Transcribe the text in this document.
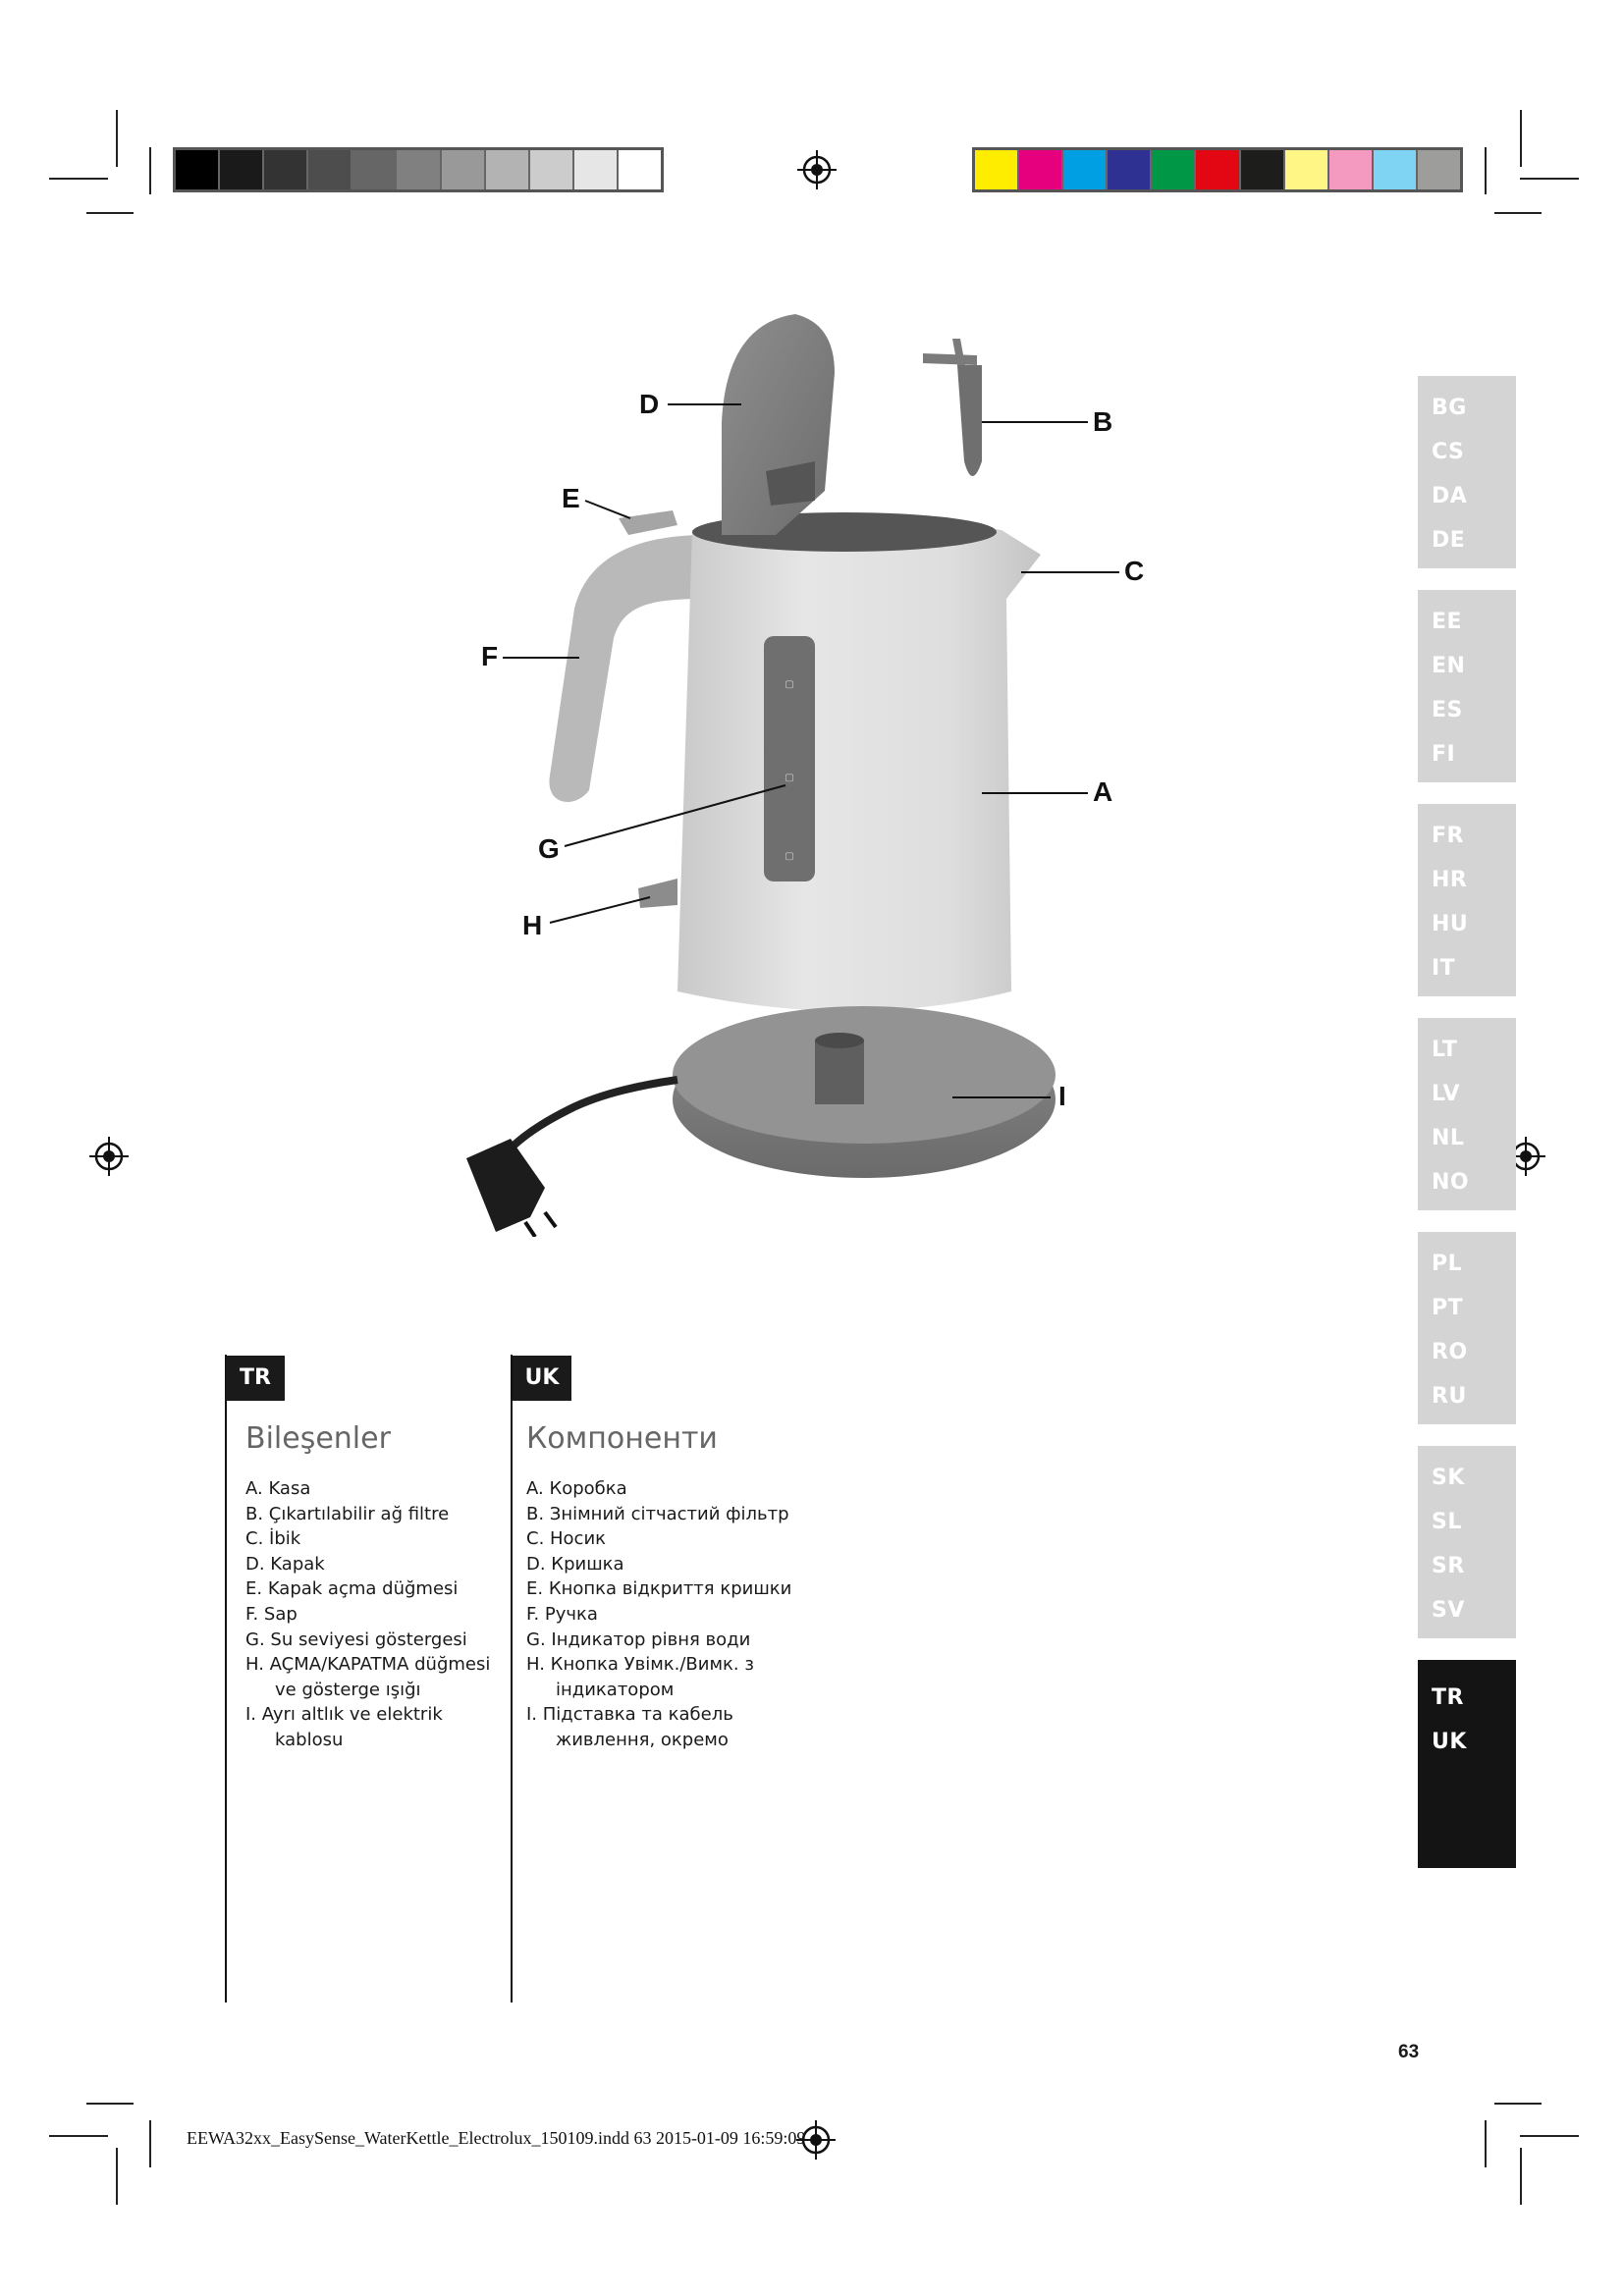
▢
▢
▢
D
B
E
C
F
A
G
H
I
BG
CS
DA
DE
EE
EN
ES
FI
FR
HR
HU
IT
LT
LV
NL
NO
PL
PT
RO
RU
SK
SL
SR
SV
TR
UK
TR
Bileşenler
A. Kasa
B. Çıkartılabilir ağ filtre
C. İbik
D. Kapak
E. Kapak açma düğmesi
F. Sap
G. Su seviyesi göstergesi
H. AÇMA/KAPATMA düğmesi
ve gösterge ışığı
I. Ayrı altlık ve elektrik
kablosu
UK
Компоненти
A. Коробка
B. Знімний сітчастий фільтр
C. Носик
D. Кришка
E. Кнопка відкриття кришки
F. Ручка
G. Індикатор рівня води
H. Кнопка Увімк./Вимк. з
індикатором
I. Підставка та кабель
живлення, окремо
63
EEWA32xx_EasySense_WaterKettle_Electrolux_150109.indd 63 2015-01-09 16:59:09
